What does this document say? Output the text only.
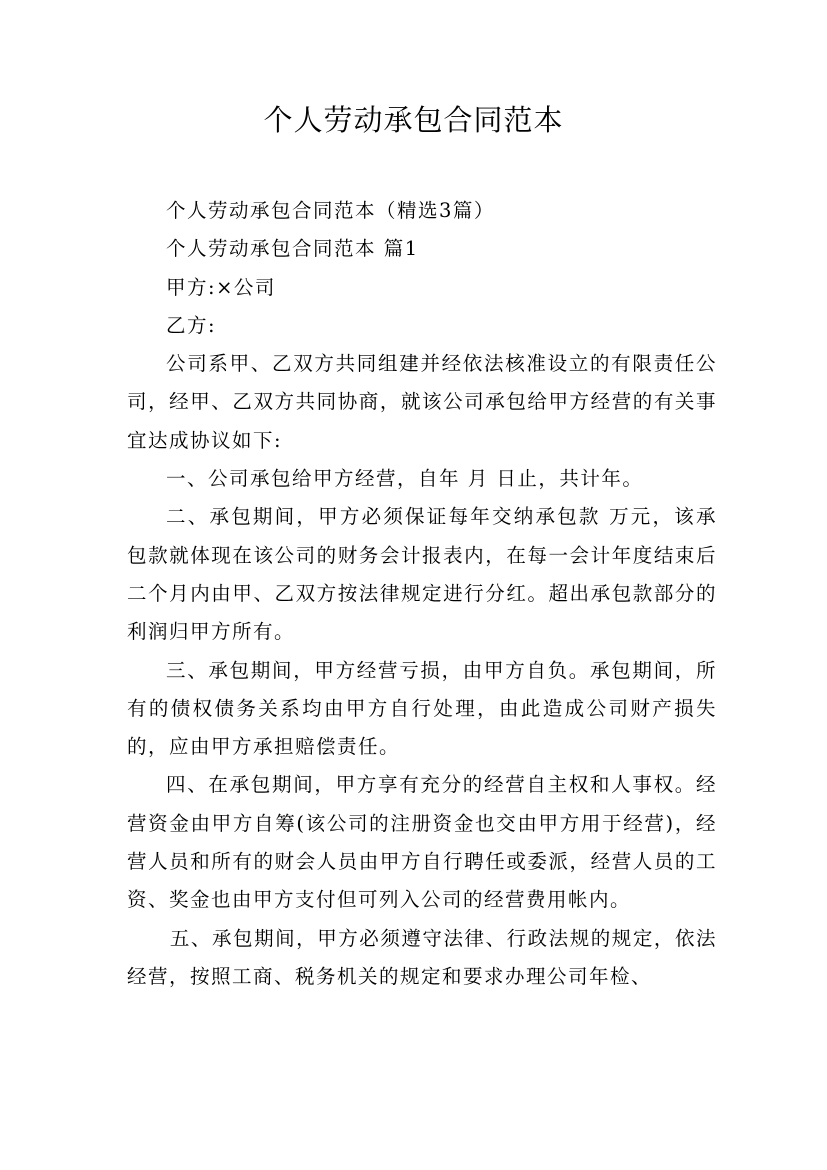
个人劳动承包合同范本

个人劳动承包合同范本（精选3篇）

个人劳动承包合同范本 篇1

甲方:×公司

乙方:

公司系甲、乙双方共同组建并经依法核准设立的有限责任公司，经甲、乙双方共同协商，就该公司承包给甲方经营的有关事宜达成协议如下:

一、公司承包给甲方经营，自年 月 日止，共计年。

二、承包期间，甲方必须保证每年交纳承包款 万元，该承包款就体现在该公司的财务会计报表内，在每一会计年度结束后二个月内由甲、乙双方按法律规定进行分红。超出承包款部分的利润归甲方所有。

三、承包期间，甲方经营亏损，由甲方自负。承包期间，所有的债权债务关系均由甲方自行处理，由此造成公司财产损失的，应由甲方承担赔偿责任。

四、在承包期间，甲方享有充分的经营自主权和人事权。经营资金由甲方自筹(该公司的注册资金也交由甲方用于经营)，经营人员和所有的财会人员由甲方自行聘任或委派，经营人员的工资、奖金也由甲方支付但可列入公司的经营费用帐内。

五、承包期间，甲方必须遵守法律、行政法规的规定，依法经营，按照工商、税务机关的规定和要求办理公司年检、
